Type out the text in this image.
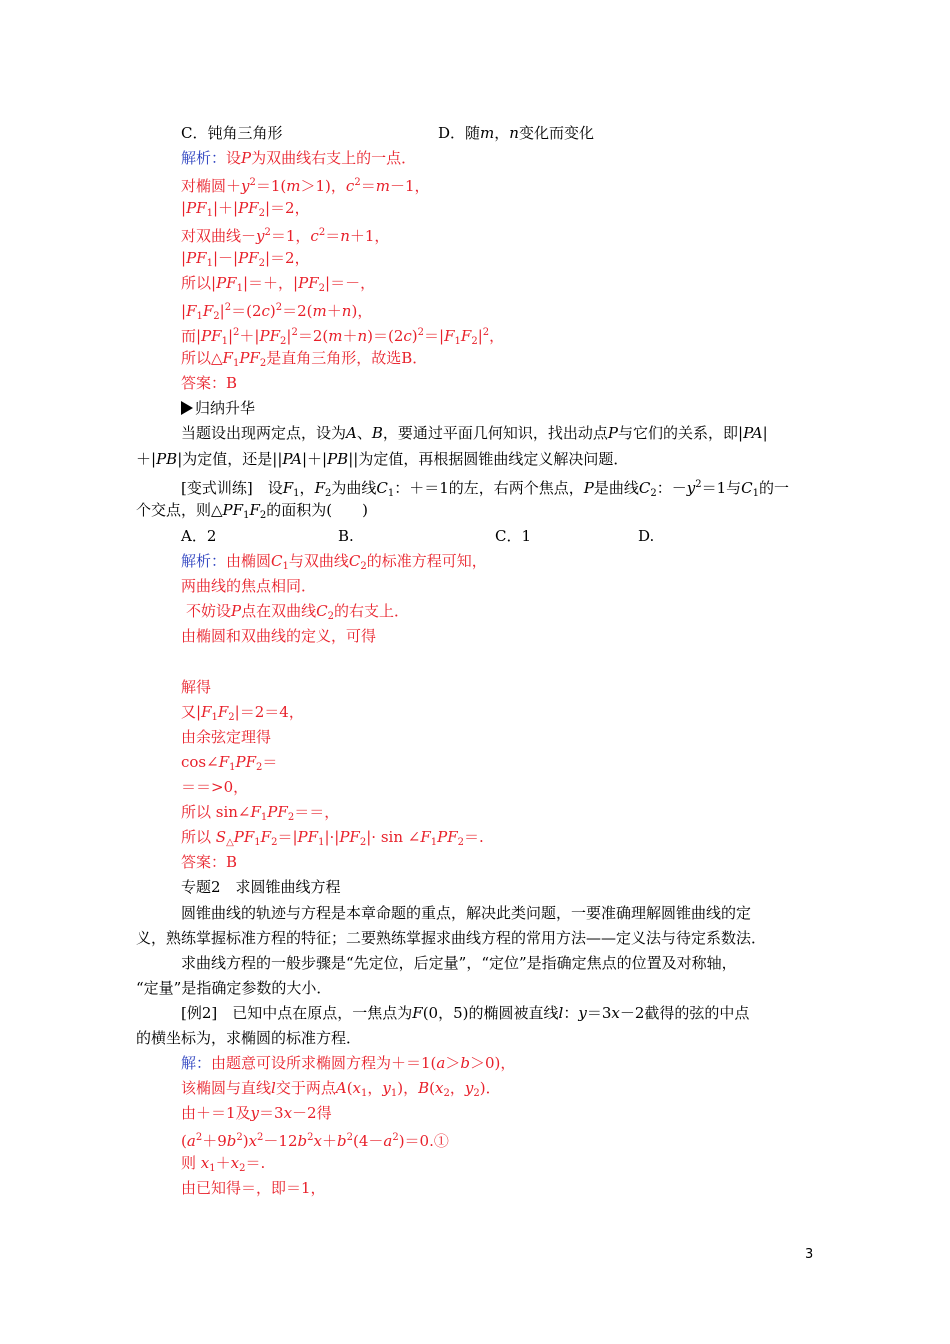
C．钝角三角形	D．随m，n变化而变化
解析：设P为双曲线右支上的一点．
对椭圆$+y^2=1(m>1)$，$c^2=m-1$，
$|PF_1|+|PF_2|=2$，
对双曲线$-y^2=1$，$c^2=n+1$，
$|PF_1|-|PF_2|=2$，
所以$|PF_1|=+$，$|PF_2|=-$，
$|F_1F_2|^2=(2c)^2=2(m+n)$，
而$|PF_1|^2+|PF_2|^2=2(m+n)=(2c)^2=|F_1F_2|^2$，
所以$\triangle F_1PF_2$是直角三角形，故选B．
答案：B
归纳升华
当题设出现两定点，设为A、B，要通过平面几何知识，找出动点P与它们的关系，即|PA|
＋|PB|为定值，还是||PA|＋|PB||为定值，再根据圆锥曲线定义解决问题．
[变式训练]　 设$F_1$，$F_2$为曲线$C_1$：＋＝1的左，右两个焦点，P是曲线$C_2$：$-y^2=1$与$C_1$的一
个交点，则$\triangle PF_1F_2$的面积为(　　)
A．2	B.	C．1	D.
解析：由椭圆$C_1$与双曲线$C_2$的标准方程可知，
两曲线的焦点相同．
不妨设P点在双曲线$C_2$的右支上．
由椭圆和双曲线的定义，可得
解得
又$|F_1F_2|=2=4$，
由余弦定理得
$\cos\angle F_1PF_2=$
＝＝>0，
所以 $\sin\angle F_1PF_2==$，
所以 $S_\triangle PF_1F_2=|PF_1|\cdot|PF_2|\cdot \sin$ $\angle F_1PF_2=$.
答案：B
专题2　求圆锥曲线方程
圆锥曲线的轨迹与方程是本章命题的重点，解决此类问题，一要准确理解圆锥曲线的定
义，熟练掌握标准方程的特征；二要熟练掌握求曲线方程的常用方法——定义法与待定系数法．
求曲线方程的一般步骤是“先定位，后定量”，“定位”是指确定焦点的位置及对称轴，
“定量”是指确定参数的大小．
[例2]　 已知中点在原点，一焦点为F(0，5)的椭圆被直线l：y＝3x－2截得的弦的中点
的横坐标为，求椭圆的标准方程．
解：由题意可设所求椭圆方程为＋＝1(a＞b＞0)，
该椭圆与直线l交于两点$A(x_1$，$y_1$)，$B(x_2$，$y_2$)．
由＋＝1及y＝3x－2得
$(a^2+9b^2)x^2-12b^2x+b^2(4-a^2)=0.①$
则 $x_1+x_2=$.
由已知得＝，即＝1，
3
